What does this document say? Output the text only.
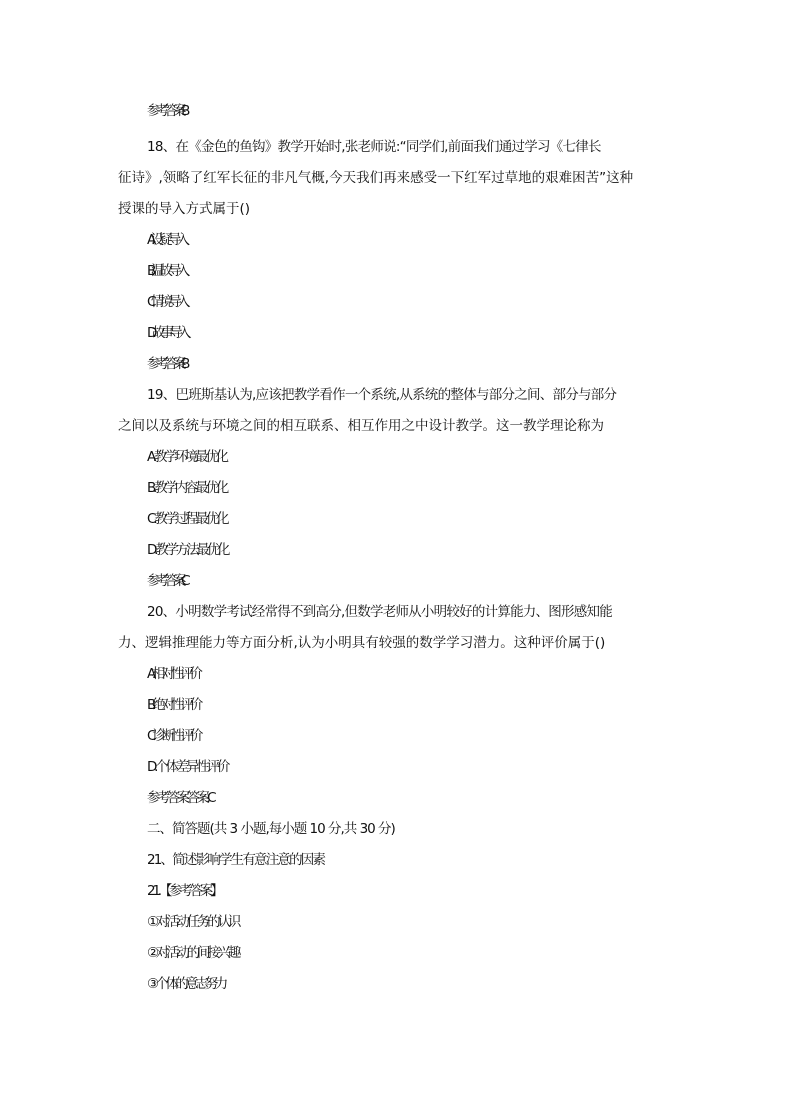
参考答案 B
18、在《金色的鱼钩》教学开始时,张老师说:“同学们,前面我们通过学习《七律长
征诗》,领略了红军长征的非凡气概,今天我们再来感受一下红军过草地的艰难困苦”这种
授课的导入方式属于()
A.设疑导入
B.温故导入
C.情境导入
D.故事导入
参考答案 B
19、巴班斯基认为,应该把教学看作一个系统,从系统的整体与部分之间、部分与部分
之间以及系统与环境之间的相互联系、相互作用之中设计教学。这一教学理论称为
A.教学环境最优化
B.教学内容最优化
C.教学过程最优化
D.教学方法最优化
参考答案 C
20、小明数学考试经常得不到高分,但数学老师从小明较好的计算能力、图形感知能
力、逻辑推理能力等方面分析,认为小明具有较强的数学学习潜力。这种评价属于()
A.相对性评价
B.绝对性评价
C.诊断性评价
D.个体差异性评价
参考答案答案:C
二、简答题(共 3 小题,每小题 10 分,共 30 分)
21、简述影响学生有意注意的因素
21.【参考答案】
①对活动任务的认识
②对活动的间接兴趣
③个体的意志努力
